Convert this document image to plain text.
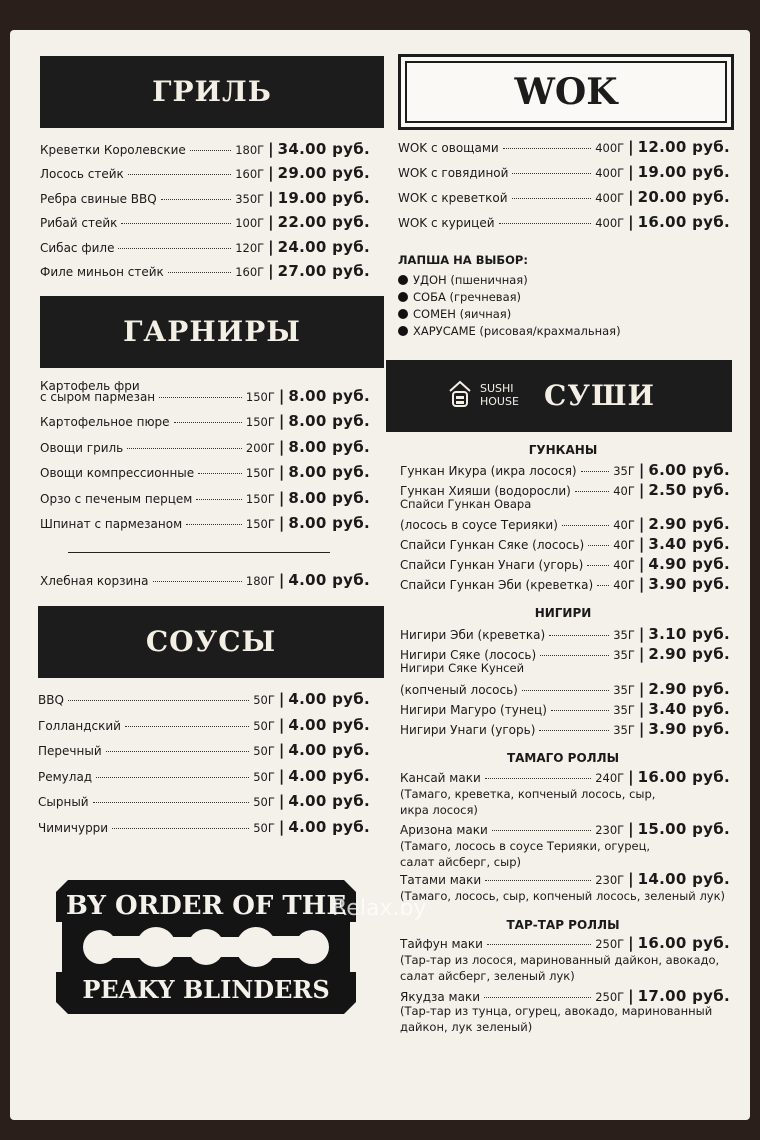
ГРИЛЬ
Креветки Королевские	180Г | 34.00 руб.
Лосось стейк	160Г | 29.00 руб.
Ребра свиные BBQ	350Г | 19.00 руб.
Рибай стейк	100Г | 22.00 руб.
Сибас филе	120Г | 24.00 руб.
Филе миньон стейк	160Г | 27.00 руб.
ГАРНИРЫ
Картофель фри
с сыром пармезан	150Г | 8.00 руб.
Картофельное пюре	150Г | 8.00 руб.
Овощи гриль	200Г | 8.00 руб.
Овощи компрессионные	150Г | 8.00 руб.
Орзо с печеным перцем	150Г | 8.00 руб.
Шпинат с пармезаном	150Г | 8.00 руб.
Хлебная корзина	180Г | 4.00 руб.
СОУСЫ
BBQ	50Г | 4.00 руб.
Голландский	50Г | 4.00 руб.
Перечный	50Г | 4.00 руб.
Ремулад	50Г | 4.00 руб.
Сырный	50Г | 4.00 руб.
Чимичурри	50Г | 4.00 руб.
BY ORDER OF THE
PEAKY BLINDERS
Relax.by
WOK
WOK с овощами	400Г | 12.00 руб.
WOK с говядиной	400Г | 19.00 руб.
WOK с креветкой	400Г | 20.00 руб.
WOK с курицей	400Г | 16.00 руб.
ЛАПША НА ВЫБОР:
УДОН (пшеничная)
СОБА (гречневая)
СОМЕН (яичная)
ХАРУСАМЕ (рисовая/крахмальная)
SUSHI
HOUSE СУШИ
ГУНКАНЫ
Гункан Икура (икра лосося)	35Г | 6.00 руб.
Гункан Хияши (водоросли)	40Г | 2.50 руб.
Спайси Гункан Овара
(лосось в соусе Терияки)	40Г | 2.90 руб.
Спайси Гункан Сяке (лосось)	40Г | 3.40 руб.
Спайси Гункан Унаги (угорь)	40Г | 4.90 руб.
Спайси Гункан Эби (креветка) 40Г | 3.90 руб.
НИГИРИ
Нигири Эби (креветка)	35Г | 3.10 руб.
Нигири Сяке (лосось)	35Г | 2.90 руб.
Нигири Сяке Кунсей
(копченый лосось)	35Г | 2.90 руб.
Нигири Магуро (тунец)	35Г | 3.40 руб.
Нигири Унаги (угорь)	35Г | 3.90 руб.
ТАМАГО РОЛЛЫ
Кансай маки	240Г | 16.00 руб.
(Тамаго, креветка, копченый лосось, сыр,
икра лосося)
Аризона маки	230Г | 15.00 руб.
(Тамаго, лосось в соусе Терияки, огурец,
салат айсберг, сыр)
Татами маки	230Г | 14.00 руб.
(Тамаго, лосось, сыр, копченый лосось, зеленый лук)
ТАР-ТАР РОЛЛЫ
Тайфун маки	250Г | 16.00 руб.
(Тар-тар из лосося, маринованный дайкон, авокадо,
салат айсберг, зеленый лук)
Якудза маки	250Г | 17.00 руб.
(Тар-тар из тунца, огурец, авокадо, маринованный
дайкон, лук зеленый)
